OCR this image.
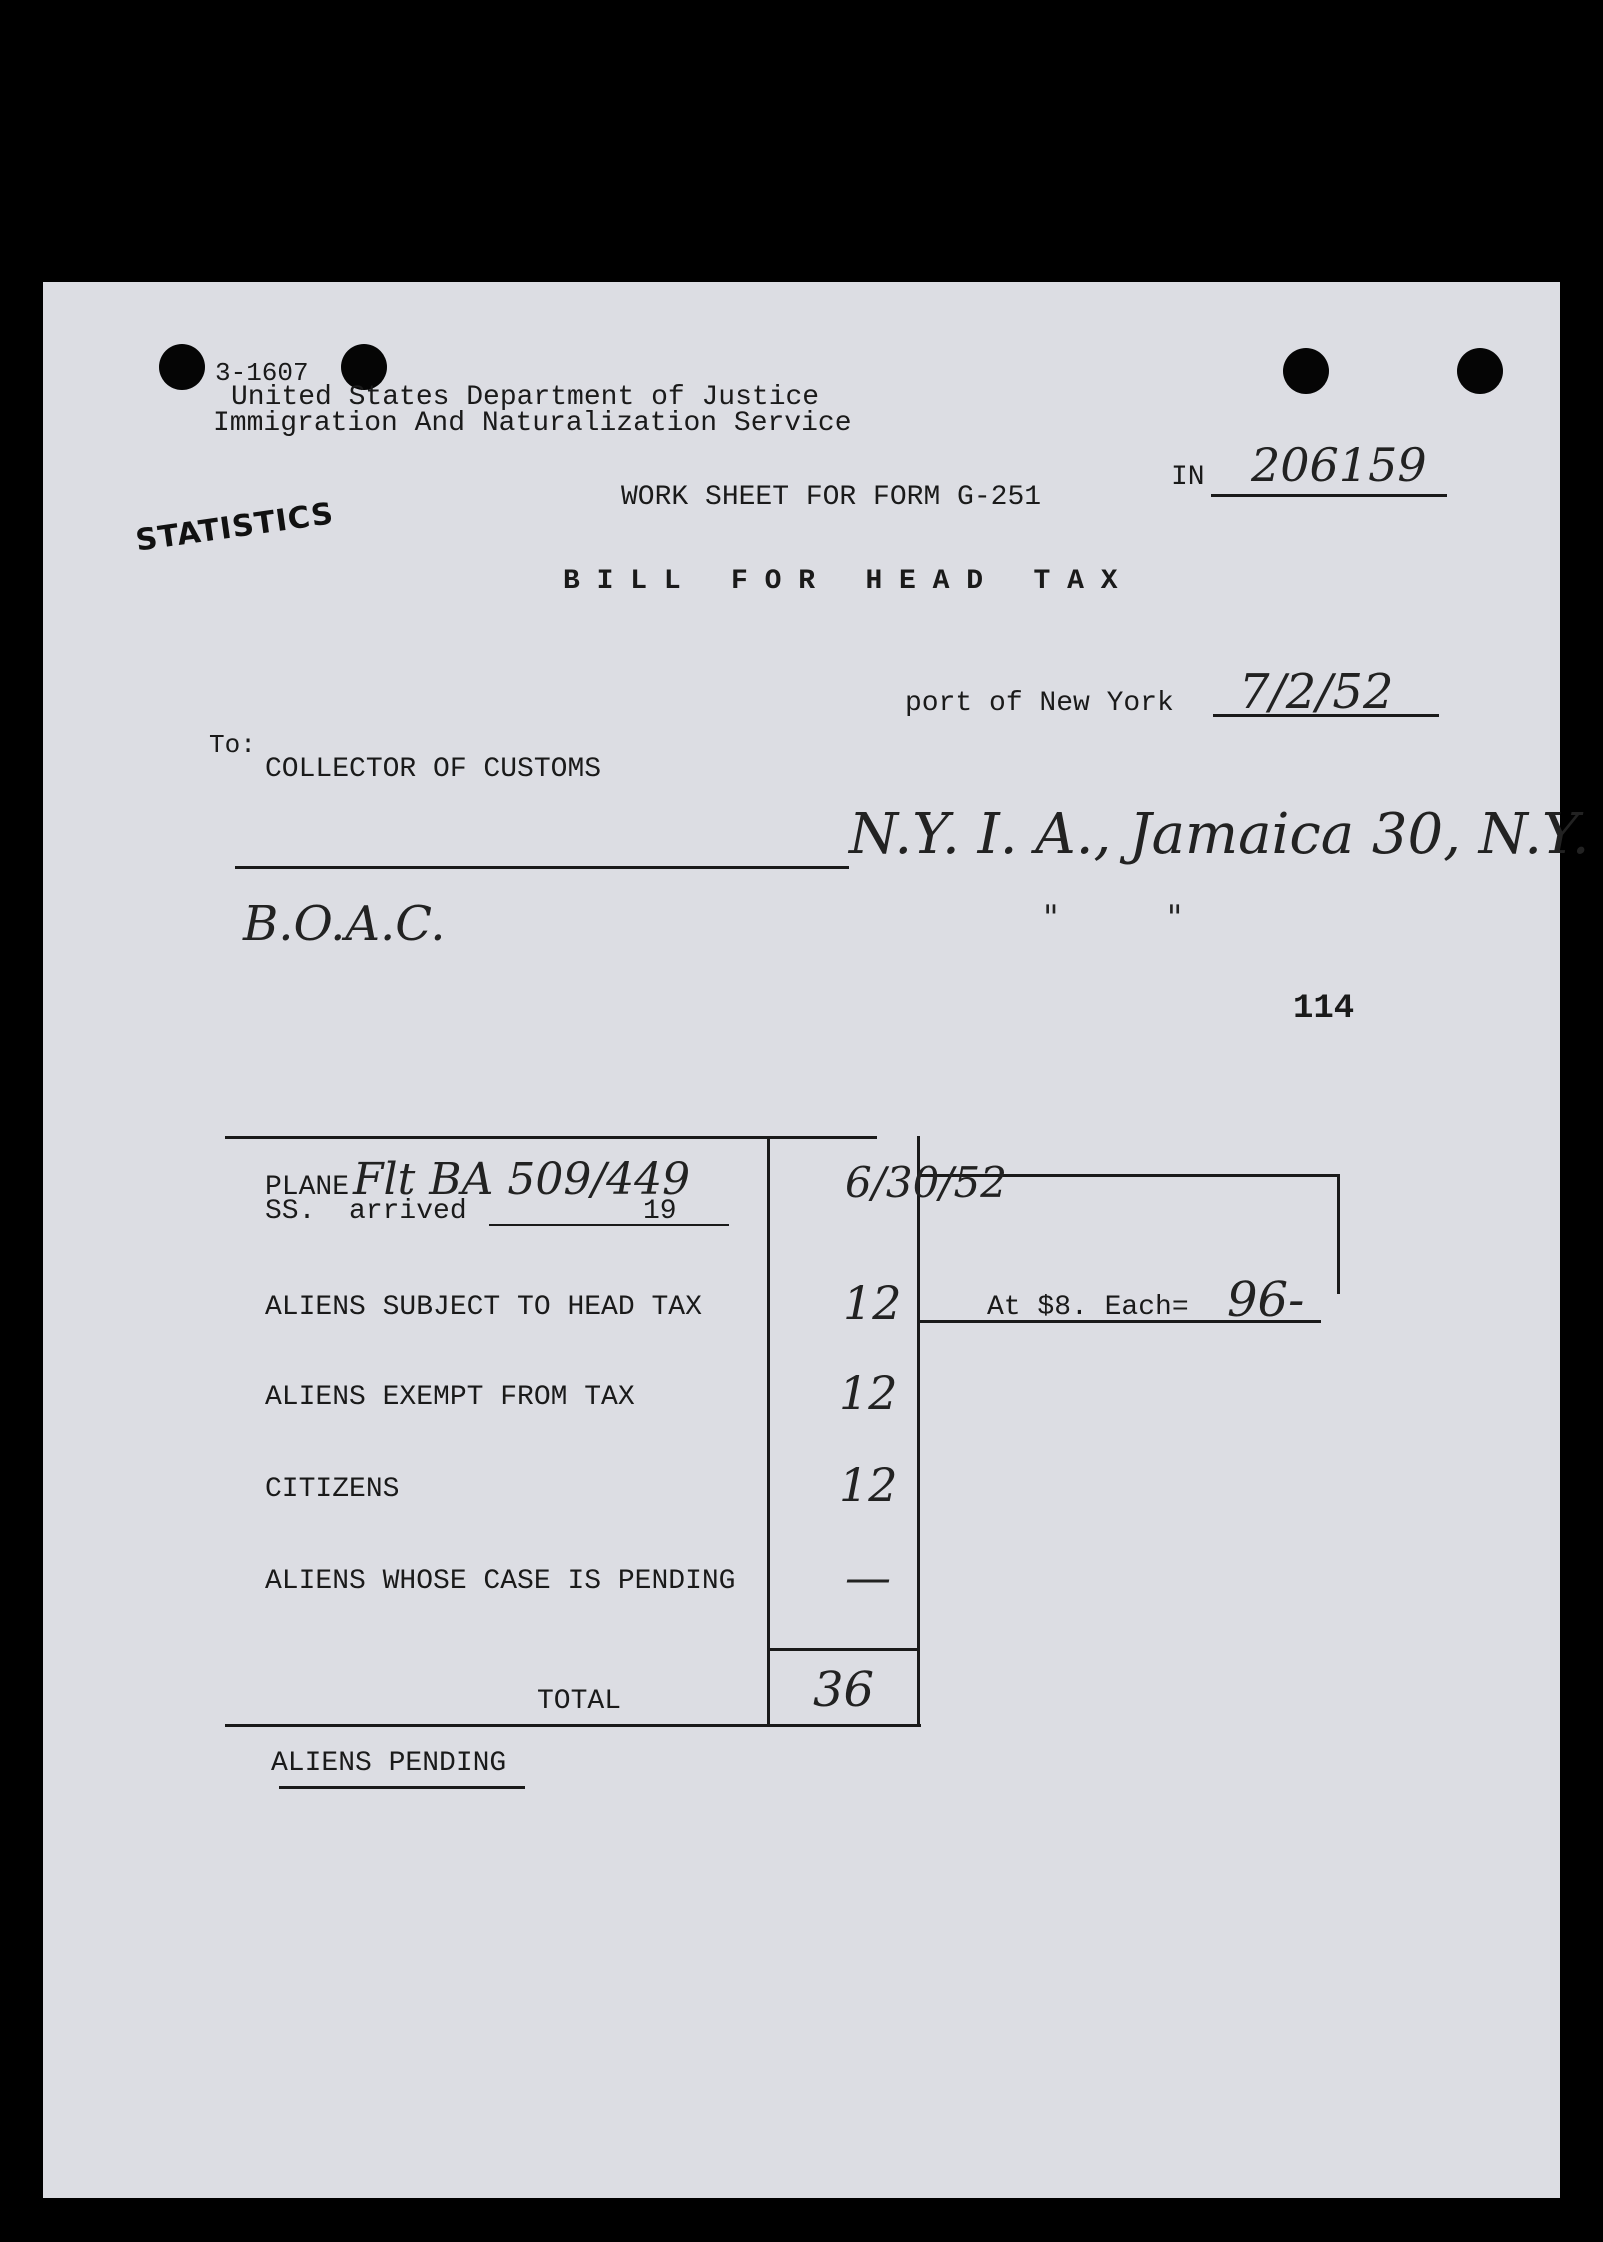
3-1607
United States Department of Justice
Immigration And Naturalization Service
STATISTICS	WORK SHEET FOR FORM G-251
IN 206159
B I L L   F O R   H E A D   T A X
port of New York 7/2/52
To:
COLLECTOR OF CUSTOMS
N.Y. I. A., Jamaica 30, N.Y.
B.O.A.C.	"          "
114
PLANE Flt BA 509/449	6/30/52
SS.  arrived	19
ALIENS SUBJECT TO HEAD TAX	12	At $8. Each= 96-
ALIENS EXEMPT FROM TAX	12
CITIZENS	12
ALIENS WHOSE CASE IS PENDING —
TOTAL	36
ALIENS PENDING
